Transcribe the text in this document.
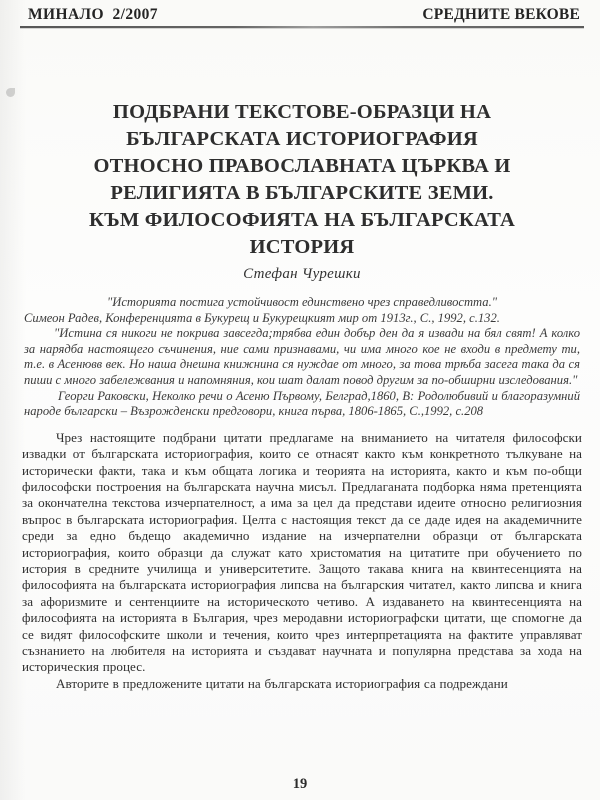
МИНАЛО  2/2007	СРЕДНИТЕ ВЕКОВЕ
ПОДБРАНИ ТЕКСТОВЕ-ОБРАЗЦИ НА
БЪЛГАРСКАТА ИСТОРИОГРАФИЯ
ОТНОСНО ПРАВОСЛАВНАТА ЦЪРКВА И
РЕЛИГИЯТА В БЪЛГАРСКИТЕ ЗЕМИ.
КЪМ ФИЛОСОФИЯТА НА БЪЛГАРСКАТА
ИСТОРИЯ
Стефан Чурешки

"Историята постига устойчивост единствено чрез справедливостта."

Симеон Радев, Конференцията в Букурещ и Букурещкият мир от 1913г., С., 1992, с.132.

"Истина ся никоги не покрива завсегда;трябва един добър ден да я извади на бял свят! А колко за нарядба настоящего съчинения, ние сами признавами, чи има много кое не входи в предмету ти, т.е. в Асенювв век. Но наша днешна книжнина ся нуждае от много, за това трѣба засега така да ся пиши с много забележвания и напомняния, кои шат далат повод другим за по-обширни изследования."

Георги Раковски, Неколко речи о Асеню Първому, Белград,1860, В: Родолюбивий и благоразумний народе български – Възрожденски предговори, книга първа, 1806-1865, С.,1992, с.208

Чрез настоящите подбрани цитати предлагаме на вниманието на читателя философски извадки от българската историография, които се отнасят както към конкретното тълкуване на исторически факти, така и към общата логика и теорията на историята, както и към по-общи философски построения на българската научна мисъл. Предлаганата подборка няма претенцията за окончателна текстова изчерпателност, а има за цел да представи идеите относно религиозния въпрос в българската историография. Целта с настоящия текст да се даде идея на академичните среди за едно бъдещо академично издание на изчерпателни образци от българската историография, които образци да служат като христоматия на цитатите при обучението по история в средните училища и университетите. Защото такава книга на квинтесенцията на философията на българската историография липсва на българския читател, както липсва и книга за афоризмите и сентенциите на историческото четиво. А издаването на квинтесенцията на философията на историята в България, чрез меродавни историографски цитати, ще спомогне да се видят философските школи и течения, които чрез интерпретацията на фактите управляват съзнанието на любителя на историята и създават научната и популярна представа за хода на историческия процес.

Авторите в предложените цитати на българската историография са подреждани

19
